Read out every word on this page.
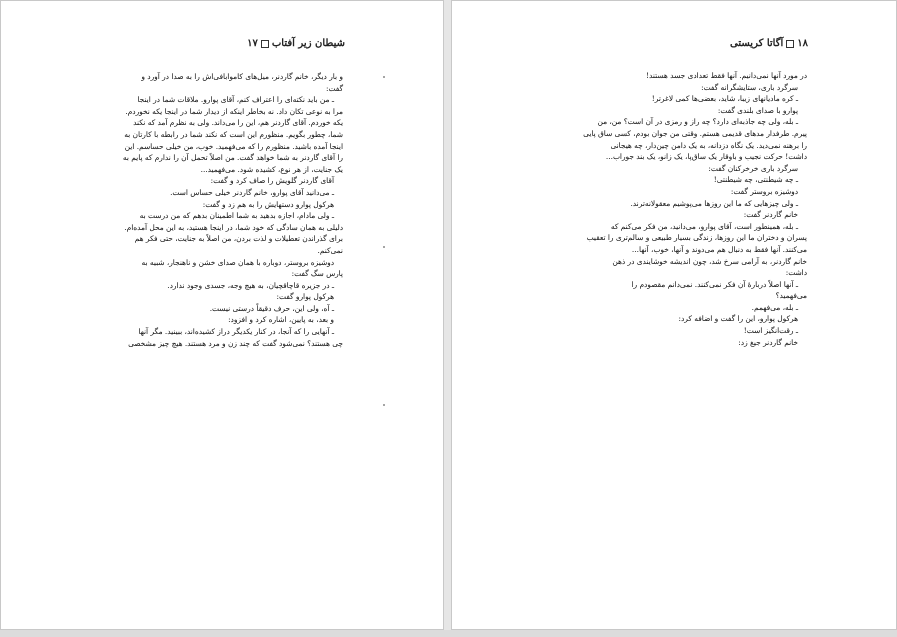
شیطان زیر آفتاب۱۷

و بار دیگر، خانم گاردنر، میل‌های کاموابافی‌اش را به صدا در آورد و

گفت:

ـ من باید نکته‌ای را اعتراف کنم، آقای پوارو. ملاقات شما در اینجا

مرا به نوعی تکان داد. نه بخاطر اینکه از دیدار شما در اینجا یکه نخوردم.

یکه خوردم. آقای گاردنر هم، این را می‌داند. ولی به نظرم آمد که نکند

شما، چطور بگویم. منظورم این است که نکند شما در رابطه با کارتان به

اینجا آمده باشید. منظورم را که می‌فهمید. خوب، من خیلی حساسم. این

را آقای گاردنر به شما خواهد گفت. من اصلاً تحمل آن را ندارم که پایم به

یک جنایت، از هر نوع، کشیده شود. می‌فهمید...

آقای گاردنر گلویش را صاف کرد و گفت:

ـ می‌دانید آقای پوارو، خانم گاردنر خیلی حساس است.

هرکول پوارو دستهایش را به هم زد و گفت:

ـ ولی مادام، اجازه بدهید به شما اطمینان بدهم که من درست به

دلیلی به همان سادگی که خود شما، در اینجا هستید، به این محل آمده‌ام.

برای گذراندن تعطیلات و لذت بردن، من اصلاً به جنایت، حتی فکر هم

نمی‌کنم.

دوشیزه بروستر، دوباره با همان صدای خشن و ناهنجار، شبیه به

پارس سگ گفت:

ـ در جزیره قاچاقچیان، به هیچ وجه، جسدی وجود ندارد.

هرکول پوارو گفت:

ـ آه، ولی این، حرف دقیقاً درستی نیست.

و بعد، به پایین، اشاره کرد و افزود:

ـ آنهایی را که آنجا، در کنار یکدیگر دراز کشیده‌اند، ببینید. مگر آنها

چی هستند؟ نمی‌شود گفت که چند زن و مرد هستند. هیچ چیز مشخصی

۱۸آگاتا کریستی

در مورد آنها نمی‌دانیم. آنها فقط تعدادی جسد هستند!

سرگرد باری، ستایشگرانه گفت:

ـ کره مادیانهای زیبا، شاید، بعضی‌ها کمی لاغرتر!

پوارو با صدای بلندی گفت:

ـ بله، ولی چه جاذبه‌ای دارد؟ چه راز و رمزی در آن است؟ من، من

پیرم. طرفدار مدهای قدیمی هستم. وقتی من جوان بودم، کسی ساق پایی

را برهنه نمی‌دید. یک نگاه دزدانه، به یک دامن چین‌دار، چه هیجانی

داشت! حرکت نجیب و باوقار یک ساق‌پا، یک زانو، یک بند جوراب...

سرگرد باری خرخرکنان گفت:

ـ چه شیطنتی، چه شیطنتی!

دوشیزه بروستر گفت:

ـ ولی چیزهایی که ما این روزها می‌پوشیم معقولانه‌ترند.

خانم گاردنر گفت:

ـ بله، همینطور است، آقای پوارو، می‌دانید، من فکر می‌کنم که

پسران و دختران ما این روزها، زندگی بسیار طبیعی و سالم‌تری را تعقیب

می‌کنند. آنها فقط به دنبال هم می‌دوند و آنها، خوب، آنها...

خانم گاردنر، به آرامی سرخ شد، چون اندیشه خوشایندی در ذهن

داشت:

ـ آنها اصلاً درباره‌ٔ آن فکر نمی‌کنند. نمی‌دانم مقصودم را

می‌فهمید؟

ـ بله، می‌فهمم.

هرکول پوارو، این را گفت و اضافه کرد:

ـ رقت‌انگیز است!

خانم گاردنر جیغ زد:
